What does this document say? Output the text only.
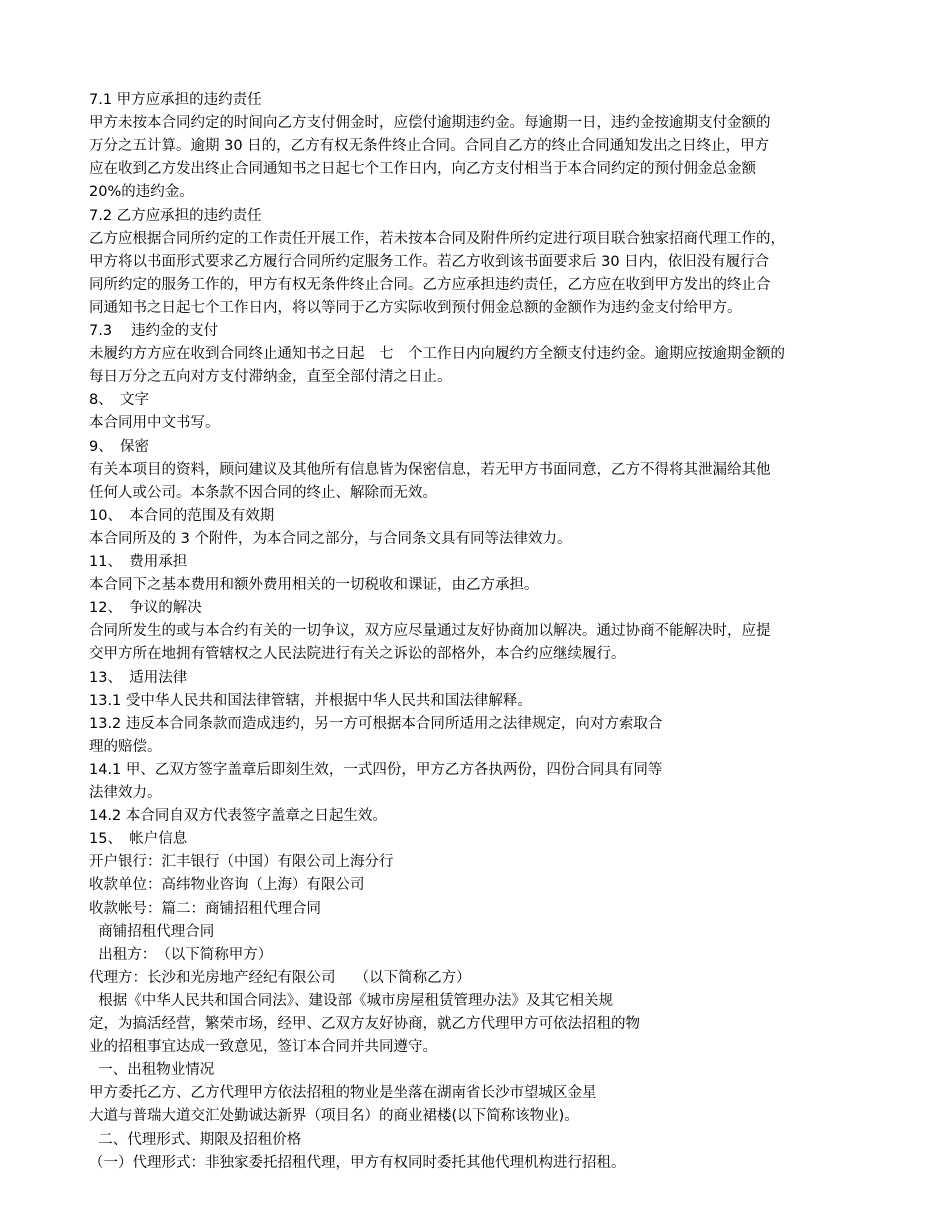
7.1 甲方应承担的违约责任
甲方未按本合同约定的时间向乙方支付佣金时，应偿付逾期违约金。每逾期一日，违约金按逾期支付金额的
万分之五计算。逾期 30 日的，乙方有权无条件终止合同。合同自乙方的终止合同通知发出之日终止，甲方
应在收到乙方发出终止合同通知书之日起七个工作日内，向乙方支付相当于本合同约定的预付佣金总金额
20%的违约金。
7.2 乙方应承担的违约责任
乙方应根据合同所约定的工作责任开展工作，若未按本合同及附件所约定进行项目联合独家招商代理工作的，
甲方将以书面形式要求乙方履行合同所约定服务工作。若乙方收到该书面要求后 30 日内，依旧没有履行合
同所约定的服务工作的，甲方有权无条件终止合同。乙方应承担违约责任，乙方应在收到甲方发出的终止合
同通知书之日起七个工作日内，将以等同于乙方实际收到预付佣金总额的金额作为违约金支付给甲方。
7.3　 违约金的支付
未履约方方应在收到合同终止通知书之日起　七　个工作日内向履约方全额支付违约金。逾期应按逾期金额的
每日万分之五向对方支付滞纳金，直至全部付清之日止。
8、　文字
本合同用中文书写。
9、　保密
有关本项目的资料，顾问建议及其他所有信息皆为保密信息，若无甲方书面同意，乙方不得将其泄漏给其他
任何人或公司。本条款不因合同的终止、解除而无效。
10、　本合同的范围及有效期
本合同所及的 3 个附件，为本合同之部分，与合同条文具有同等法律效力。
11、　费用承担
本合同下之基本费用和额外费用相关的一切税收和课证，由乙方承担。
12、　争议的解决
合同所发生的或与本合约有关的一切争议，双方应尽量通过友好协商加以解决。通过协商不能解决时，应提
交甲方所在地拥有管辖权之人民法院进行有关之诉讼的部格外，本合约应继续履行。
13、　适用法律
13.1 受中华人民共和国法律管辖，并根据中华人民共和国法律解释。
13.2 违反本合同条款而造成违约，另一方可根据本合同所适用之法律规定，向对方索取合
理的赔偿。
14.1 甲、乙双方签字盖章后即刻生效，一式四份，甲方乙方各执两份，四份合同具有同等
法律效力。
14.2 本合同自双方代表签字盖章之日起生效。
15、　帐户信息
开户银行：汇丰银行（中国）有限公司上海分行
收款单位：高纬物业咨询（上海）有限公司
收款帐号：篇二：商铺招租代理合同
商铺招租代理合同
出租方：　（以下简称甲方）
代理方：长沙和光房地产经纪有限公司　 （以下简称乙方）
根据《中华人民共和国合同法》、建设部《城市房屋租赁管理办法》及其它相关规
定，为搞活经营，繁荣市场，经甲、乙双方友好协商，就乙方代理甲方可依法招租的物
业的招租事宜达成一致意见，签订本合同并共同遵守。
一、出租物业情况
甲方委托乙方、乙方代理甲方依法招租的物业是坐落在湖南省长沙市望城区金星
大道与普瑞大道交汇处勤诚达新界（项目名）的商业裙楼(以下简称该物业)。
二、代理形式、期限及招租价格
（一）代理形式：非独家委托招租代理，甲方有权同时委托其他代理机构进行招租。
